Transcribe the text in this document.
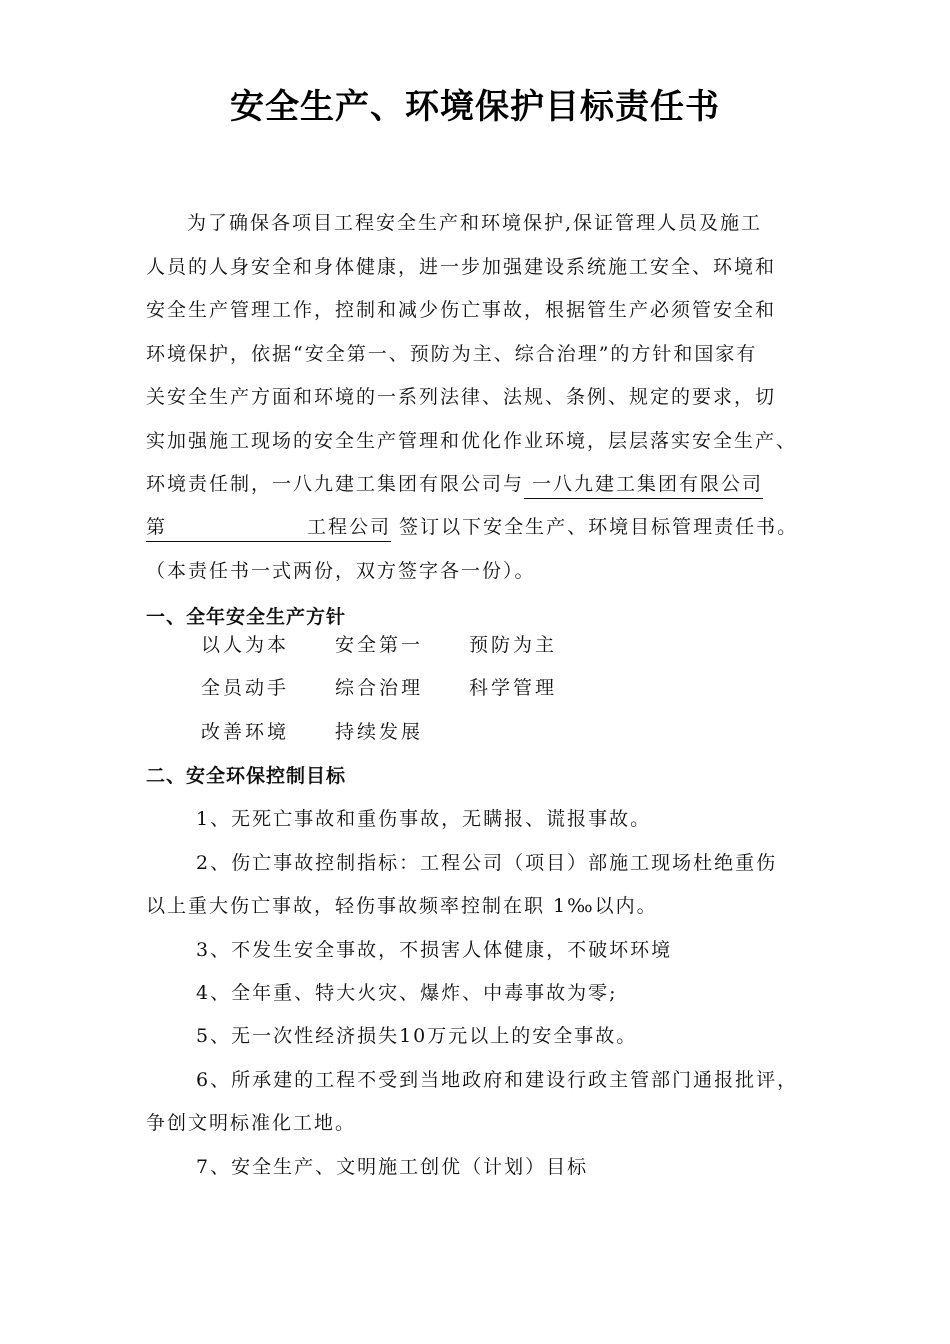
安全生产、环境保护目标责任书
为了确保各项目工程安全生产和环境保护,保证管理人员及施工
人员的人身安全和身体健康，进一步加强建设系统施工安全、环境和
安全生产管理工作，控制和减少伤亡事故，根据管生产必须管安全和
环境保护，依据“安全第一、预防为主、综合治理”的方针和国家有
关安全生产方面和环境的一系列法律、法规、条例、规定的要求，切
实加强施工现场的安全生产管理和优化作业环境，层层落实安全生产、
环境责任制，一八九建工集团有限公司与 一八九建工集团有限公司
第	工程公司 签订以下安全生产、环境目标管理责任书。
（本责任书一式两份，双方签字各一份）。
一、全年安全生产方针
以人为本 安全第一 预防为主
全员动手 综合治理 科学管理
改善环境 持续发展
二、安全环保控制目标
1、无死亡事故和重伤事故，无瞒报、谎报事故。
2、伤亡事故控制指标：工程公司（项目）部施工现场杜绝重伤
以上重大伤亡事故，轻伤事故频率控制在职 1‰以内。
3、不发生安全事故，不损害人体健康，不破坏环境
4、全年重、特大火灾、爆炸、中毒事故为零;
5、无一次性经济损失10万元以上的安全事故。
6、所承建的工程不受到当地政府和建设行政主管部门通报批评，
争创文明标准化工地。
7、安全生产、文明施工创优（计划）目标
